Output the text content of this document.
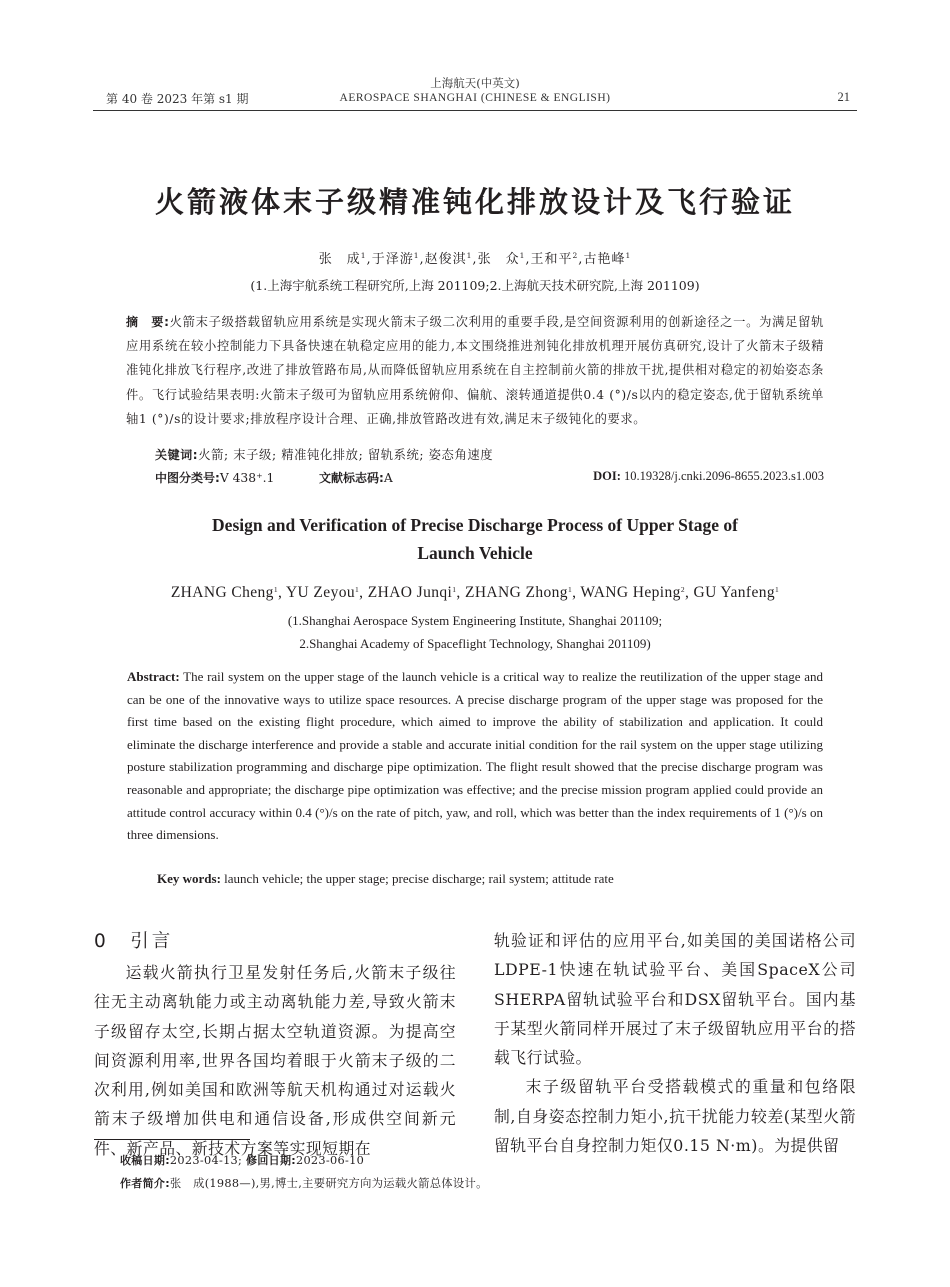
第 40 卷 2023 年第 s1 期
上海航天(中英文)
AEROSPACE SHANGHAI (CHINESE & ENGLISH)	21
火箭液体末子级精准钝化排放设计及飞行验证
张　成$^1$,于泽游$^1$,赵俊淇$^1$,张　众$^1$,王和平$^2$,古艳峰$^1$
(1.上海宇航系统工程研究所,上海 201109;2.上海航天技术研究院,上海 201109)
摘　要:火箭末子级搭载留轨应用系统是实现火箭末子级二次利用的重要手段,是空间资源利用的创新途径之一。为满足留轨应用系统在较小控制能力下具备快速在轨稳定应用的能力,本文围绕推进剂钝化排放机理开展仿真研究,设计了火箭末子级精准钝化排放飞行程序,改进了排放管路布局,从而降低留轨应用系统在自主控制前火箭的排放干扰,提供相对稳定的初始姿态条件。飞行试验结果表明:火箭末子级可为留轨应用系统俯仰、偏航、滚转通道提供0.4 (°)/s以内的稳定姿态,优于留轨系统单轴1 (°)/s的设计要求;排放程序设计合理、正确,排放管路改进有效,满足末子级钝化的要求。
关键词:火箭; 末子级; 精准钝化排放; 留轨系统; 姿态角速度
中图分类号:V 438⁺.1	文献标志码:A	DOI: 10.19328/j.cnki.2096-8655.2023.s1.003
Design and Verification of Precise Discharge Process of Upper Stage of
Launch Vehicle
ZHANG Cheng$^1$, YU Zeyou$^1$, ZHAO Junqi$^1$, ZHANG Zhong$^1$, WANG Heping$^2$, GU Yanfeng$^1$
(1.Shanghai Aerospace System Engineering Institute, Shanghai 201109;
2.Shanghai Academy of Spaceflight Technology, Shanghai 201109)
Abstract: The rail system on the upper stage of the launch vehicle is a critical way to realize the reutilization of the upper stage and can be one of the innovative ways to utilize space resources. A precise discharge program of the upper stage was proposed for the first time based on the existing flight procedure, which aimed to improve the ability of stabilization and application. It could eliminate the discharge interference and provide a stable and accurate initial condition for the rail system on the upper stage utilizing posture stabilization programming and discharge pipe optimization. The flight result showed that the precise discharge program was reasonable and appropriate; the discharge pipe optimization was effective; and the precise mission program applied could provide an attitude control accuracy within 0.4 (°)/s on the rate of pitch, yaw, and roll, which was better than the index requirements of 1 (°)/s on three dimensions.
Key words: launch vehicle; the upper stage; precise discharge; rail system; attitude rate
0　引言

运载火箭执行卫星发射任务后,火箭末子级往往无主动离轨能力或主动离轨能力差,导致火箭末子级留存太空,长期占据太空轨道资源。为提高空间资源利用率,世界各国均着眼于火箭末子级的二次利用,例如美国和欧洲等航天机构通过对运载火箭末子级增加供电和通信设备,形成供空间新元件、新产品、新技术方案等实现短期在

轨验证和评估的应用平台,如美国的美国诺格公司LDPE-1快速在轨试验平台、美国SpaceX公司SHERPA留轨试验平台和DSX留轨平台。国内基于某型火箭同样开展过了末子级留轨应用平台的搭载飞行试验。

末子级留轨平台受搭载模式的重量和包络限制,自身姿态控制力矩小,抗干扰能力较差(某型火箭留轨平台自身控制力矩仅0.15 N·m)。为提供留

收稿日期:2023-04-13; 修回日期:2023-06-10
作者简介:张　成(1988—),男,博士,主要研究方向为运载火箭总体设计。
